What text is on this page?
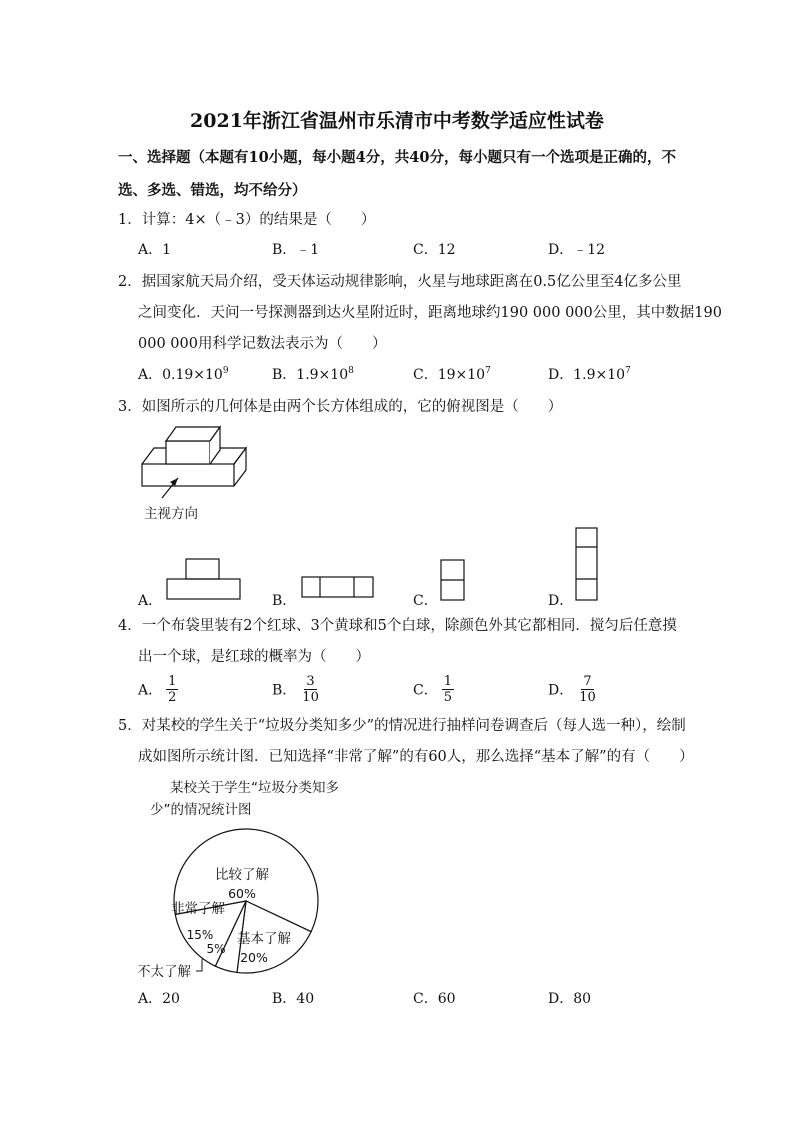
2021年浙江省温州市乐清市中考数学适应性试卷
一、选择题（本题有10小题，每小题4分，共40分，每小题只有一个选项是正确的，不
选、多选、错选，均不给分）
1．计算：4×（﹣3）的结果是（　　）
A．1	B．﹣1	C．12	D．﹣12
2．据国家航天局介绍，受天体运动规律影响，火星与地球距离在0.5亿公里至4亿多公里
之间变化．天问一号探测器到达火星附近时，距离地球约190 000 000公里，其中数据190
000 000用科学记数法表示为（　　）
A．$0.19\times 10^9$	B．$1.9\times 10^8$	C．$19\times 10^7$	D．$1.9\times 10^7$
3．如图所示的几何体是由两个长方体组成的，它的俯视图是（　　）
主视方向
A．	B．	C．	D．
4．一个布袋里装有2个红球、3个黄球和5个白球，除颜色外其它都相同．搅匀后任意摸
出一个球，是红球的概率为（　　）
A． $\frac{1}{2}$	B． $\frac{3}{10}$	C． $\frac{1}{5}$	D． $\frac{7}{10}$
5．对某校的学生关于“垃圾分类知多少”的情况进行抽样问卷调查后（每人选一种），绘制
成如图所示统计图．已知选择“非常了解”的有60人，那么选择“基本了解”的有（　　）
某校关于学生“垃圾分类知多
少”的情况统计图
比较了解
60%
基本了解
20%
5%
非常了解
15%
不太了解
A．20	B．40	C．60	D．80
